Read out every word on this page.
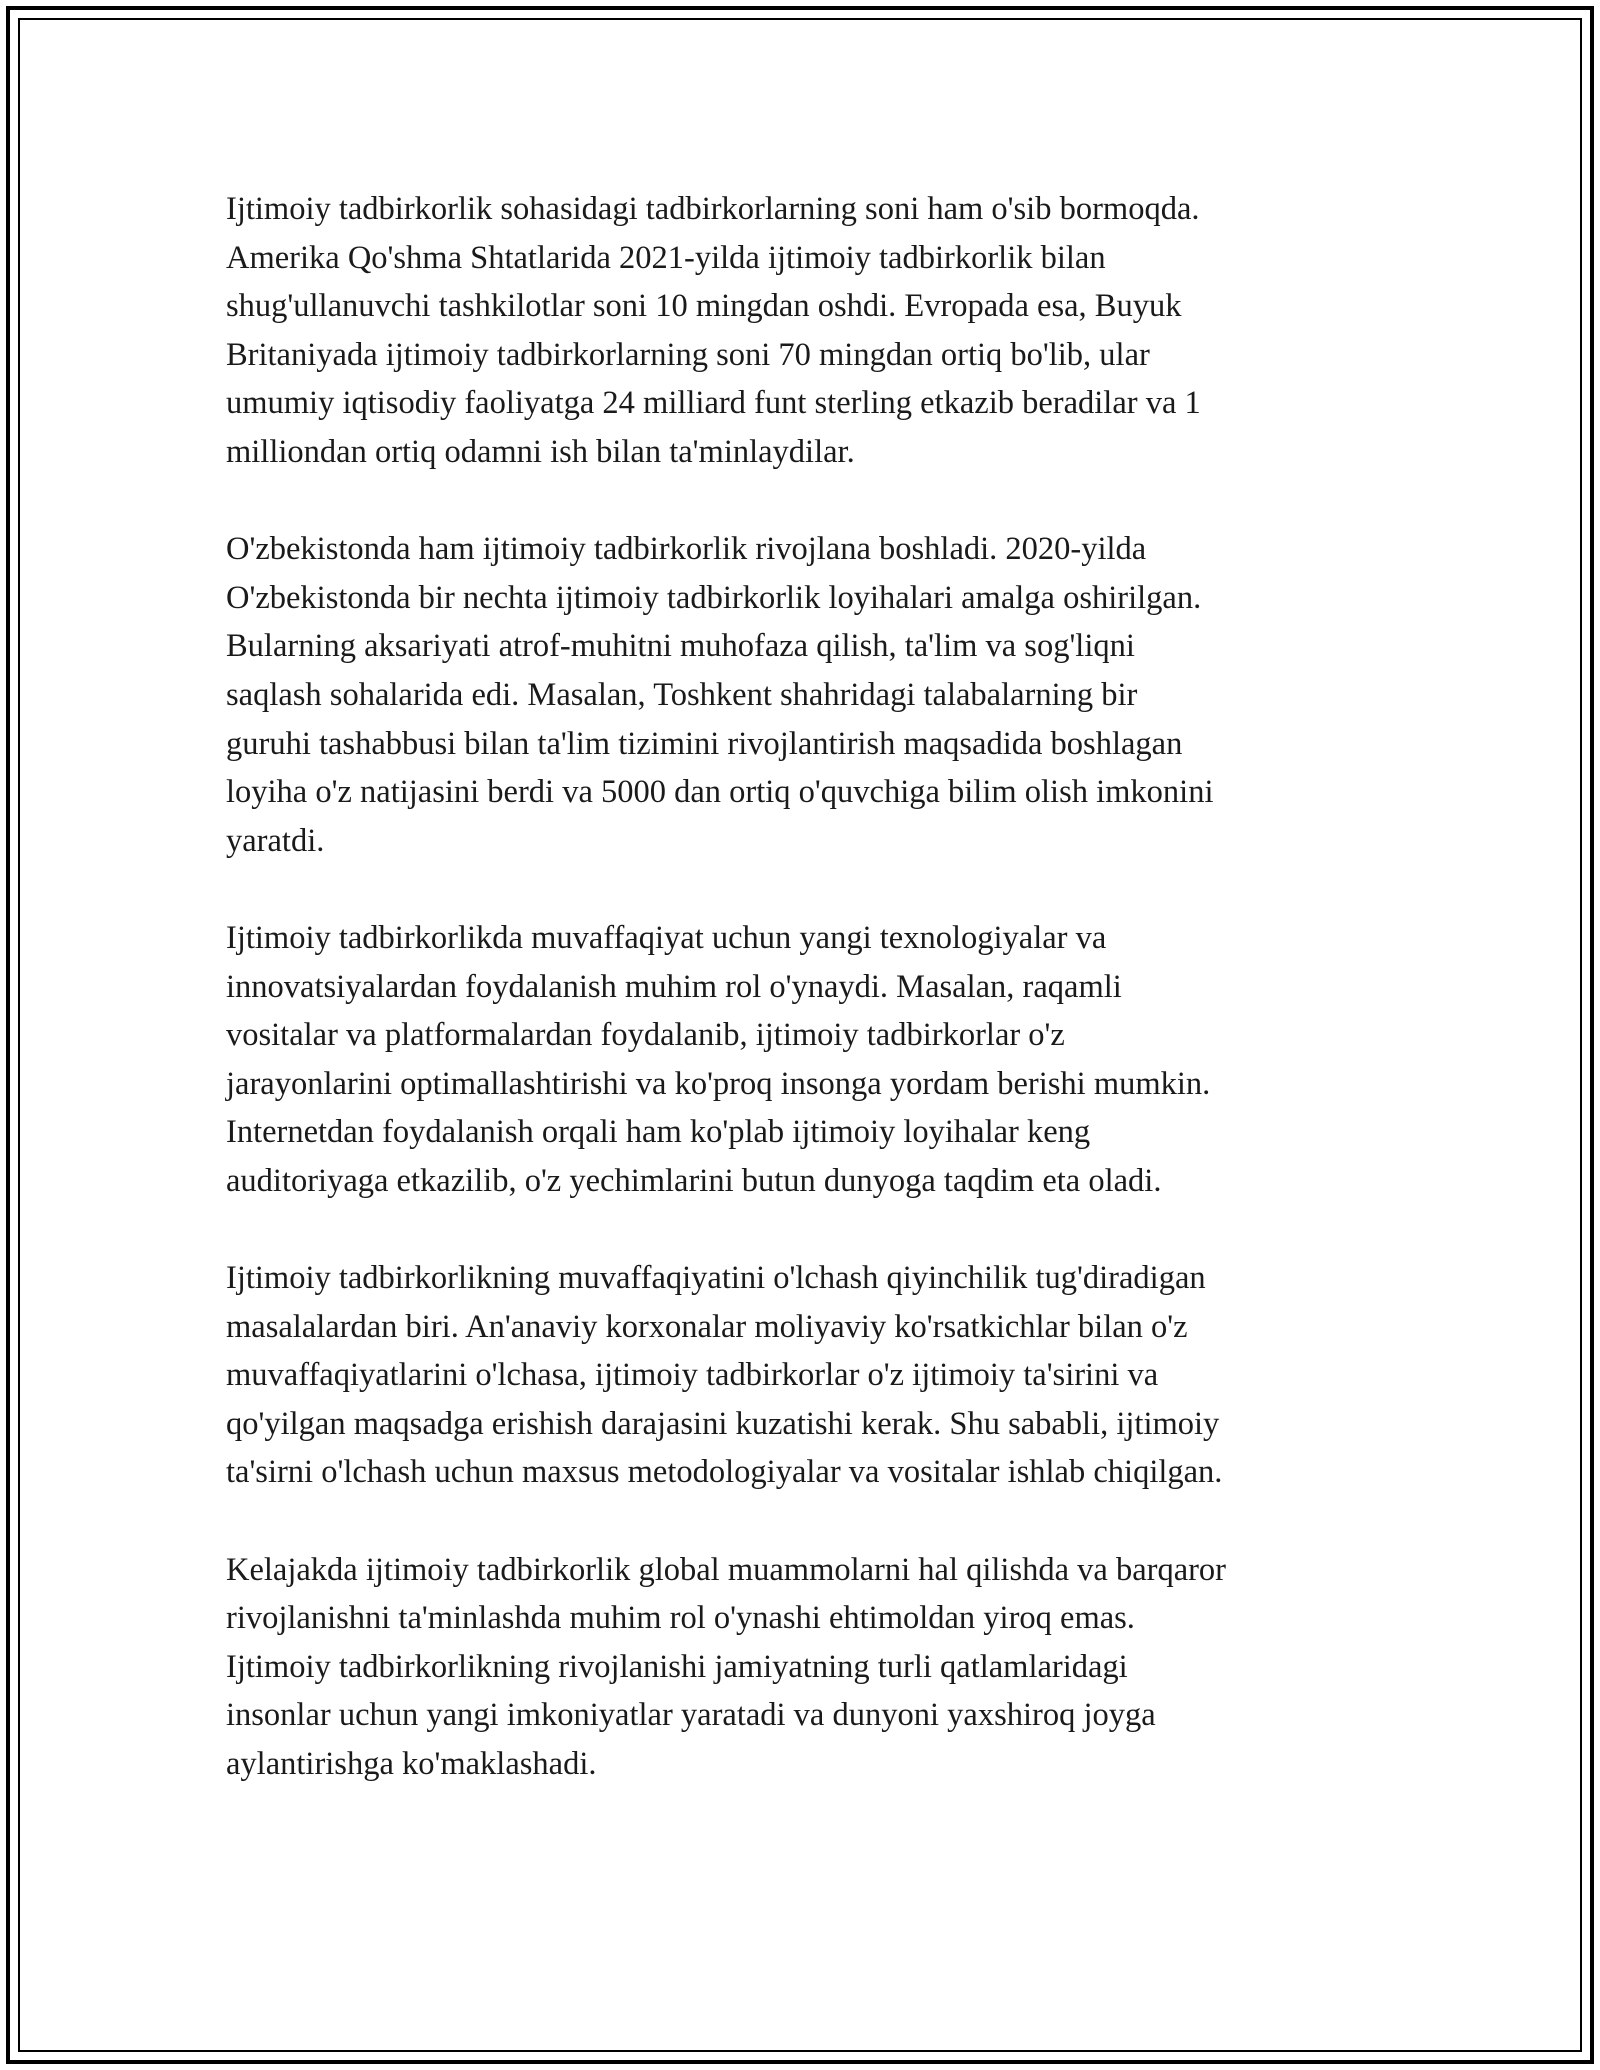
Ijtimoiy tadbirkorlik sohasidagi tadbirkorlarning soni ham o'sib bormoqda.
Amerika Qo'shma Shtatlarida 2021-yilda ijtimoiy tadbirkorlik bilan
shug'ullanuvchi tashkilotlar soni 10 mingdan oshdi. Evropada esa, Buyuk
Britaniyada ijtimoiy tadbirkorlarning soni 70 mingdan ortiq bo'lib, ular
umumiy iqtisodiy faoliyatga 24 milliard funt sterling etkazib beradilar va 1
milliondan ortiq odamni ish bilan ta'minlaydilar.

O'zbekistonda ham ijtimoiy tadbirkorlik rivojlana boshladi. 2020-yilda
O'zbekistonda bir nechta ijtimoiy tadbirkorlik loyihalari amalga oshirilgan.
Bularning aksariyati atrof-muhitni muhofaza qilish, ta'lim va sog'liqni
saqlash sohalarida edi. Masalan, Toshkent shahridagi talabalarning bir
guruhi tashabbusi bilan ta'lim tizimini rivojlantirish maqsadida boshlagan
loyiha o'z natijasini berdi va 5000 dan ortiq o'quvchiga bilim olish imkonini
yaratdi.

Ijtimoiy tadbirkorlikda muvaffaqiyat uchun yangi texnologiyalar va
innovatsiyalardan foydalanish muhim rol o'ynaydi. Masalan, raqamli
vositalar va platformalardan foydalanib, ijtimoiy tadbirkorlar o'z
jarayonlarini optimallashtirishi va ko'proq insonga yordam berishi mumkin.
Internetdan foydalanish orqali ham ko'plab ijtimoiy loyihalar keng
auditoriyaga etkazilib, o'z yechimlarini butun dunyoga taqdim eta oladi.

Ijtimoiy tadbirkorlikning muvaffaqiyatini o'lchash qiyinchilik tug'diradigan
masalalardan biri. An'anaviy korxonalar moliyaviy ko'rsatkichlar bilan o'z
muvaffaqiyatlarini o'lchasa, ijtimoiy tadbirkorlar o'z ijtimoiy ta'sirini va
qo'yilgan maqsadga erishish darajasini kuzatishi kerak. Shu sababli, ijtimoiy
ta'sirni o'lchash uchun maxsus metodologiyalar va vositalar ishlab chiqilgan.

Kelajakda ijtimoiy tadbirkorlik global muammolarni hal qilishda va barqaror
rivojlanishni ta'minlashda muhim rol o'ynashi ehtimoldan yiroq emas.
Ijtimoiy tadbirkorlikning rivojlanishi jamiyatning turli qatlamlaridagi
insonlar uchun yangi imkoniyatlar yaratadi va dunyoni yaxshiroq joyga
aylantirishga ko'maklashadi.
